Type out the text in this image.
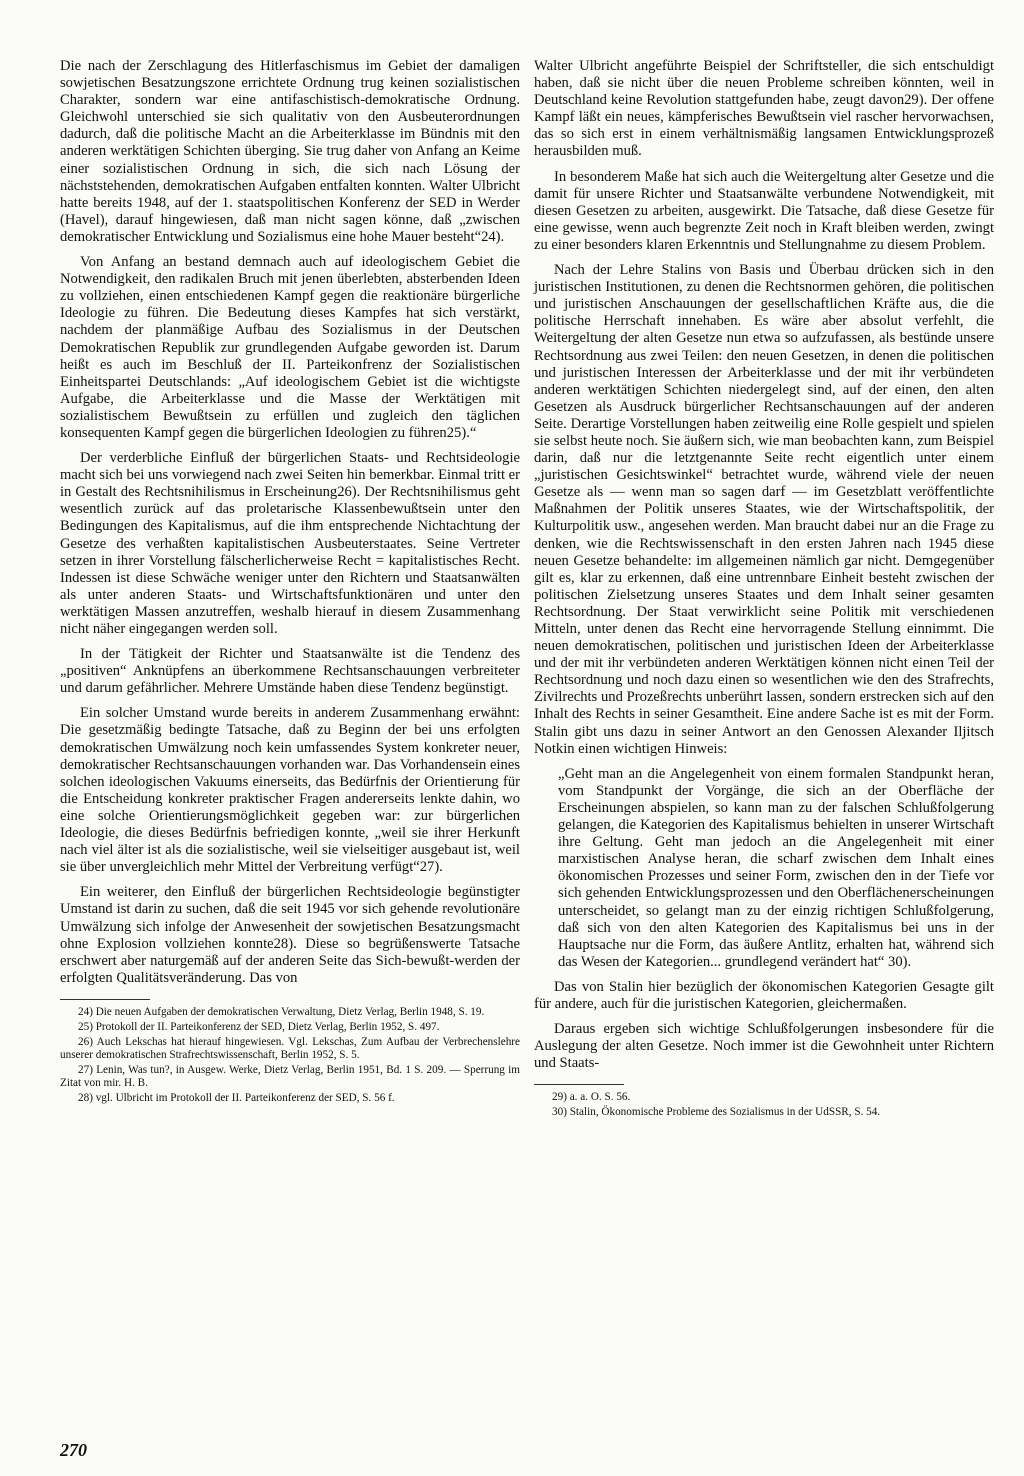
Die nach der Zerschlagung des Hitlerfaschismus im Gebiet der damaligen sowjetischen Besatzungszone errichtete Ordnung trug keinen sozialistischen Charakter, sondern war eine antifaschistisch-demokratische Ordnung. Gleichwohl unterschied sie sich qualitativ von den Ausbeuterordnungen dadurch, daß die politische Macht an die Arbeiterklasse im Bündnis mit den anderen werktätigen Schichten überging. Sie trug daher von Anfang an Keime einer sozialistischen Ordnung in sich, die sich nach Lösung der nächststehenden, demokratischen Aufgaben entfalten konnten. Walter Ulbricht hatte bereits 1948, auf der 1. staatspolitischen Konferenz der SED in Werder (Havel), darauf hingewiesen, daß man nicht sagen könne, daß „zwischen demokratischer Entwicklung und Sozialismus eine hohe Mauer besteht“24).

Von Anfang an bestand demnach auch auf ideologischem Gebiet die Notwendigkeit, den radikalen Bruch mit jenen überlebten, absterbenden Ideen zu vollziehen, einen entschiedenen Kampf gegen die reaktionäre bürgerliche Ideologie zu führen. Die Bedeutung dieses Kampfes hat sich verstärkt, nachdem der planmäßige Aufbau des Sozialismus in der Deutschen Demokratischen Republik zur grundlegenden Aufgabe geworden ist. Darum heißt es auch im Beschluß der II. Parteikonfrenz der Sozialistischen Einheitspartei Deutschlands: „Auf ideologischem Gebiet ist die wichtigste Aufgabe, die Arbeiterklasse und die Masse der Werktätigen mit sozialistischem Bewußtsein zu erfüllen und zugleich den täglichen konsequenten Kampf gegen die bürgerlichen Ideologien zu führen25).“

Der verderbliche Einfluß der bürgerlichen Staats- und Rechtsideologie macht sich bei uns vorwiegend nach zwei Seiten hin bemerkbar. Einmal tritt er in Gestalt des Rechtsnihilismus in Erscheinung26). Der Rechtsnihilismus geht wesentlich zurück auf das proletarische Klassenbewußtsein unter den Bedingungen des Kapitalismus, auf die ihm entsprechende Nichtachtung der Gesetze des verhaßten kapitalistischen Ausbeuterstaates. Seine Vertreter setzen in ihrer Vorstellung fälscherlicherweise Recht = kapitalistisches Recht. Indessen ist diese Schwäche weniger unter den Richtern und Staatsanwälten als unter anderen Staats- und Wirtschaftsfunktionären und unter den werktätigen Massen anzutreffen, weshalb hierauf in diesem Zusammenhang nicht näher eingegangen werden soll.

In der Tätigkeit der Richter und Staatsanwälte ist die Tendenz des „positiven“ Anknüpfens an überkommene Rechtsanschauungen verbreiteter und darum gefährlicher. Mehrere Umstände haben diese Tendenz begünstigt.

Ein solcher Umstand wurde bereits in anderem Zusammenhang erwähnt: Die gesetzmäßig bedingte Tatsache, daß zu Beginn der bei uns erfolgten demokratischen Umwälzung noch kein umfassendes System konkreter neuer, demokratischer Rechtsanschauungen vorhanden war. Das Vorhandensein eines solchen ideologischen Vakuums einerseits, das Bedürfnis der Orientierung für die Entscheidung konkreter praktischer Fragen andererseits lenkte dahin, wo eine solche Orientierungsmöglichkeit gegeben war: zur bürgerlichen Ideologie, die dieses Bedürfnis befriedigen konnte, „weil sie ihrer Herkunft nach viel älter ist als die sozialistische, weil sie vielseitiger ausgebaut ist, weil sie über unvergleichlich mehr Mittel der Verbreitung verfügt“27).

Ein weiterer, den Einfluß der bürgerlichen Rechtsideologie begünstigter Umstand ist darin zu suchen, daß die seit 1945 vor sich gehende revolutionäre Umwälzung sich infolge der Anwesenheit der sowjetischen Besatzungsmacht ohne Explosion vollziehen konnte28). Diese so begrüßenswerte Tatsache erschwert aber naturgemäß auf der anderen Seite das Sich-bewußt-werden der erfolgten Qualitätsveränderung. Das von

24) Die neuen Aufgaben der demokratischen Verwaltung, Dietz Verlag, Berlin 1948, S. 19.

25) Protokoll der II. Parteikonferenz der SED, Dietz Verlag, Berlin 1952, S. 497.

26) Auch Lekschas hat hierauf hingewiesen. Vgl. Lekschas, Zum Aufbau der Verbrechenslehre unserer demokratischen Strafrechtswissenschaft, Berlin 1952, S. 5.

27) Lenin, Was tun?, in Ausgew. Werke, Dietz Verlag, Berlin 1951, Bd. 1 S. 209. — Sperrung im Zitat von mir. H. B.

28) vgl. Ulbricht im Protokoll der II. Parteikonferenz der SED, S. 56 f.

Walter Ulbricht angeführte Beispiel der Schriftsteller, die sich entschuldigt haben, daß sie nicht über die neuen Probleme schreiben könnten, weil in Deutschland keine Revolution stattgefunden habe, zeugt davon29). Der offene Kampf läßt ein neues, kämpferisches Bewußtsein viel rascher hervorwachsen, das so sich erst in einem verhältnismäßig langsamen Entwicklungsprozeß herausbilden muß.

In besonderem Maße hat sich auch die Weitergeltung alter Gesetze und die damit für unsere Richter und Staatsanwälte verbundene Notwendigkeit, mit diesen Gesetzen zu arbeiten, ausgewirkt. Die Tatsache, daß diese Gesetze für eine gewisse, wenn auch begrenzte Zeit noch in Kraft bleiben werden, zwingt zu einer besonders klaren Erkenntnis und Stellungnahme zu diesem Problem.

Nach der Lehre Stalins von Basis und Überbau drücken sich in den juristischen Institutionen, zu denen die Rechtsnormen gehören, die politischen und juristischen Anschauungen der gesellschaftlichen Kräfte aus, die die politische Herrschaft innehaben. Es wäre aber absolut verfehlt, die Weitergeltung der alten Gesetze nun etwa so aufzufassen, als bestünde unsere Rechtsordnung aus zwei Teilen: den neuen Gesetzen, in denen die politischen und juristischen Interessen der Arbeiterklasse und der mit ihr verbündeten anderen werktätigen Schichten niedergelegt sind, auf der einen, den alten Gesetzen als Ausdruck bürgerlicher Rechtsanschauungen auf der anderen Seite. Derartige Vorstellungen haben zeitweilig eine Rolle gespielt und spielen sie selbst heute noch. Sie äußern sich, wie man beobachten kann, zum Beispiel darin, daß nur die letztgenannte Seite recht eigentlich unter einem „juristischen Gesichtswinkel“ betrachtet wurde, während viele der neuen Gesetze als — wenn man so sagen darf — im Gesetzblatt veröffentlichte Maßnahmen der Politik unseres Staates, wie der Wirtschaftspolitik, der Kulturpolitik usw., angesehen werden. Man braucht dabei nur an die Frage zu denken, wie die Rechtswissenschaft in den ersten Jahren nach 1945 diese neuen Gesetze behandelte: im allgemeinen nämlich gar nicht. Demgegenüber gilt es, klar zu erkennen, daß eine untrennbare Einheit besteht zwischen der politischen Zielsetzung unseres Staates und dem Inhalt seiner gesamten Rechtsordnung. Der Staat verwirklicht seine Politik mit verschiedenen Mitteln, unter denen das Recht eine hervorragende Stellung einnimmt. Die neuen demokratischen, politischen und juristischen Ideen der Arbeiterklasse und der mit ihr verbündeten anderen Werktätigen können nicht einen Teil der Rechtsordnung und noch dazu einen so wesentlichen wie den des Strafrechts, Zivilrechts und Prozeßrechts unberührt lassen, sondern erstrecken sich auf den Inhalt des Rechts in seiner Gesamtheit. Eine andere Sache ist es mit der Form. Stalin gibt uns dazu in seiner Antwort an den Genossen Alexander Iljitsch Notkin einen wichtigen Hinweis:

„Geht man an die Angelegenheit von einem formalen Standpunkt heran, vom Standpunkt der Vorgänge, die sich an der Oberfläche der Erscheinungen abspielen, so kann man zu der falschen Schlußfolgerung gelangen, die Kategorien des Kapitalismus behielten in unserer Wirtschaft ihre Geltung. Geht man jedoch an die Angelegenheit mit einer marxistischen Analyse heran, die scharf zwischen dem Inhalt eines ökonomischen Prozesses und seiner Form, zwischen den in der Tiefe vor sich gehenden Entwicklungsprozessen und den Oberflächenerscheinungen unterscheidet, so gelangt man zu der einzig richtigen Schlußfolgerung, daß sich von den alten Kategorien des Kapitalismus bei uns in der Hauptsache nur die Form, das äußere Antlitz, erhalten hat, während sich das Wesen der Kategorien... grundlegend verändert hat“ 30).

Das von Stalin hier bezüglich der ökonomischen Kategorien Gesagte gilt für andere, auch für die juristischen Kategorien, gleichermaßen.

Daraus ergeben sich wichtige Schlußfolgerungen insbesondere für die Auslegung der alten Gesetze. Noch immer ist die Gewohnheit unter Richtern und Staats-

29) a. a. O. S. 56.

30) Stalin, Ökonomische Probleme des Sozialismus in der UdSSR, S. 54.

270
